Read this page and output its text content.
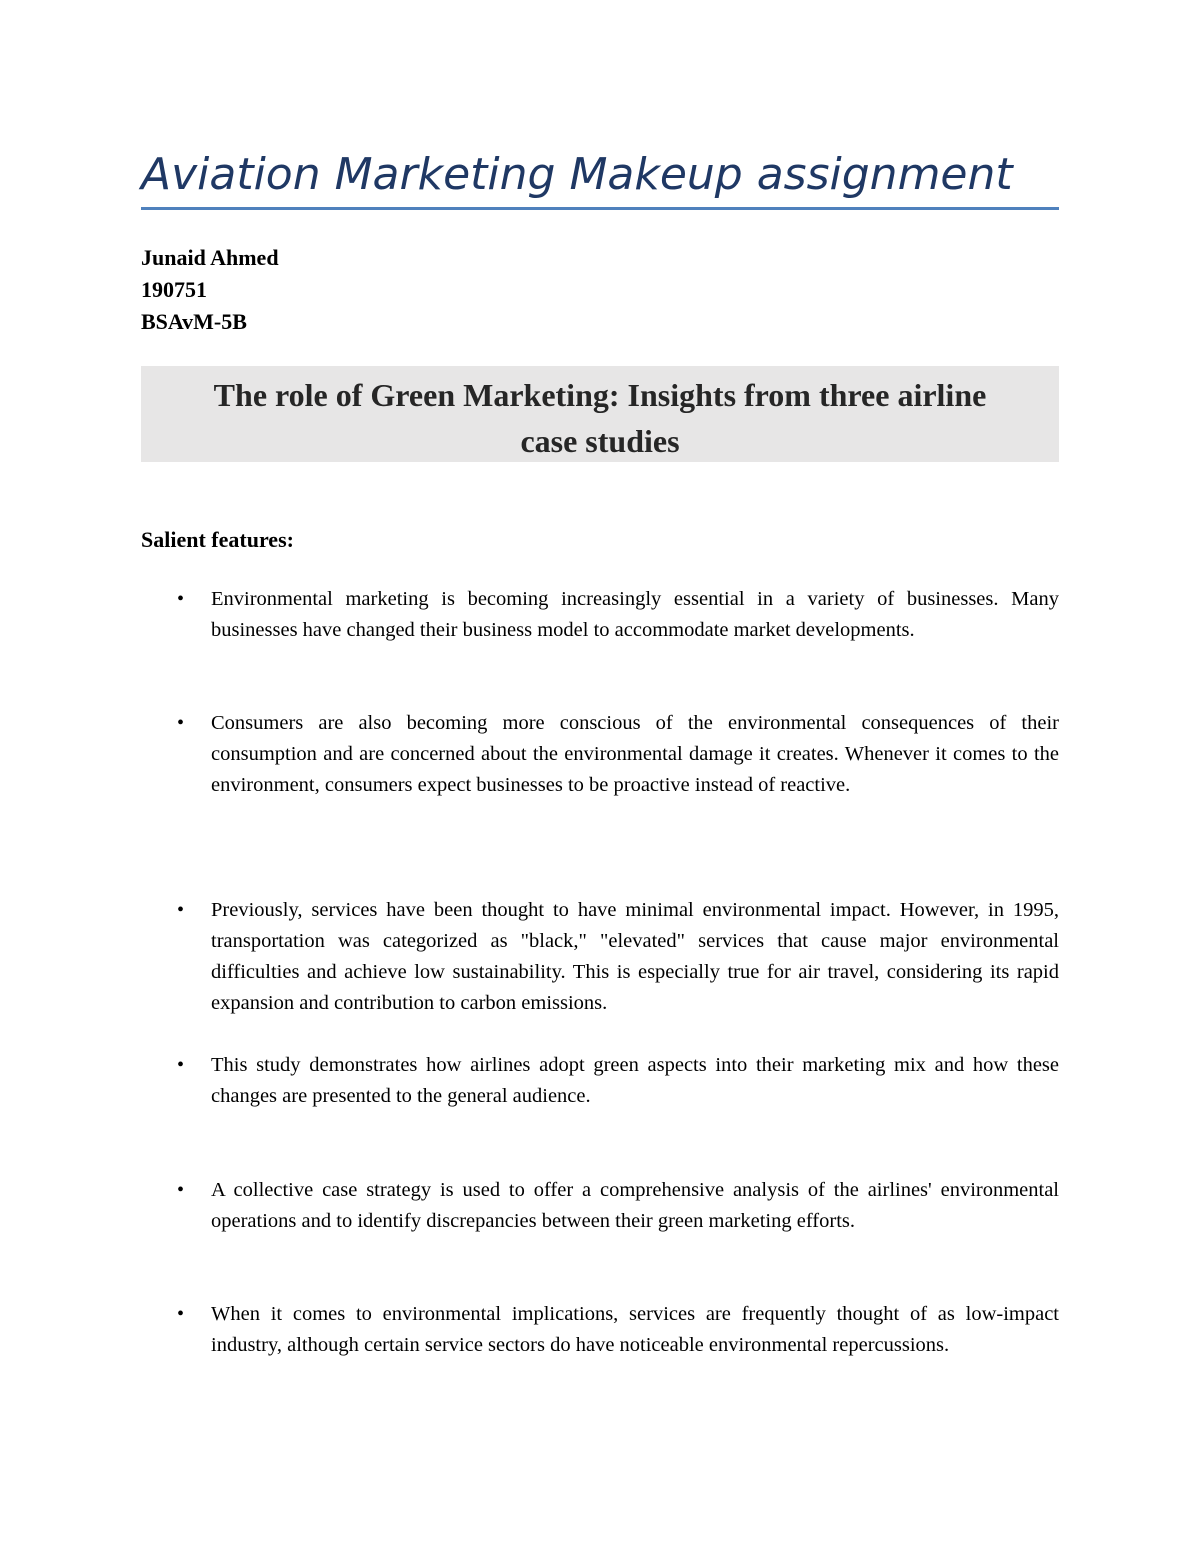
Aviation Marketing Makeup assignment
Junaid Ahmed
190751
BSAvM-5B
The role of Green Marketing: Insights from three airline
case studies
Salient features:
• Environmental marketing is becoming increasingly essential in a variety of businesses. Many businesses have changed their business model to accommodate market developments.
• Consumers are also becoming more conscious of the environmental consequences of their consumption and are concerned about the environmental damage it creates. Whenever it comes to the environment, consumers expect businesses to be proactive instead of reactive.
• Previously, services have been thought to have minimal environmental impact. However, in 1995, transportation was categorized as "black," "elevated" services that cause major environmental difficulties and achieve low sustainability. This is especially true for air travel, considering its rapid expansion and contribution to carbon emissions.
• This study demonstrates how airlines adopt green aspects into their marketing mix and how these changes are presented to the general audience.
• A collective case strategy is used to offer a comprehensive analysis of the airlines' environmental operations and to identify discrepancies between their green marketing efforts.
• When it comes to environmental implications, services are frequently thought of as low-impact industry, although certain service sectors do have noticeable environmental repercussions.
